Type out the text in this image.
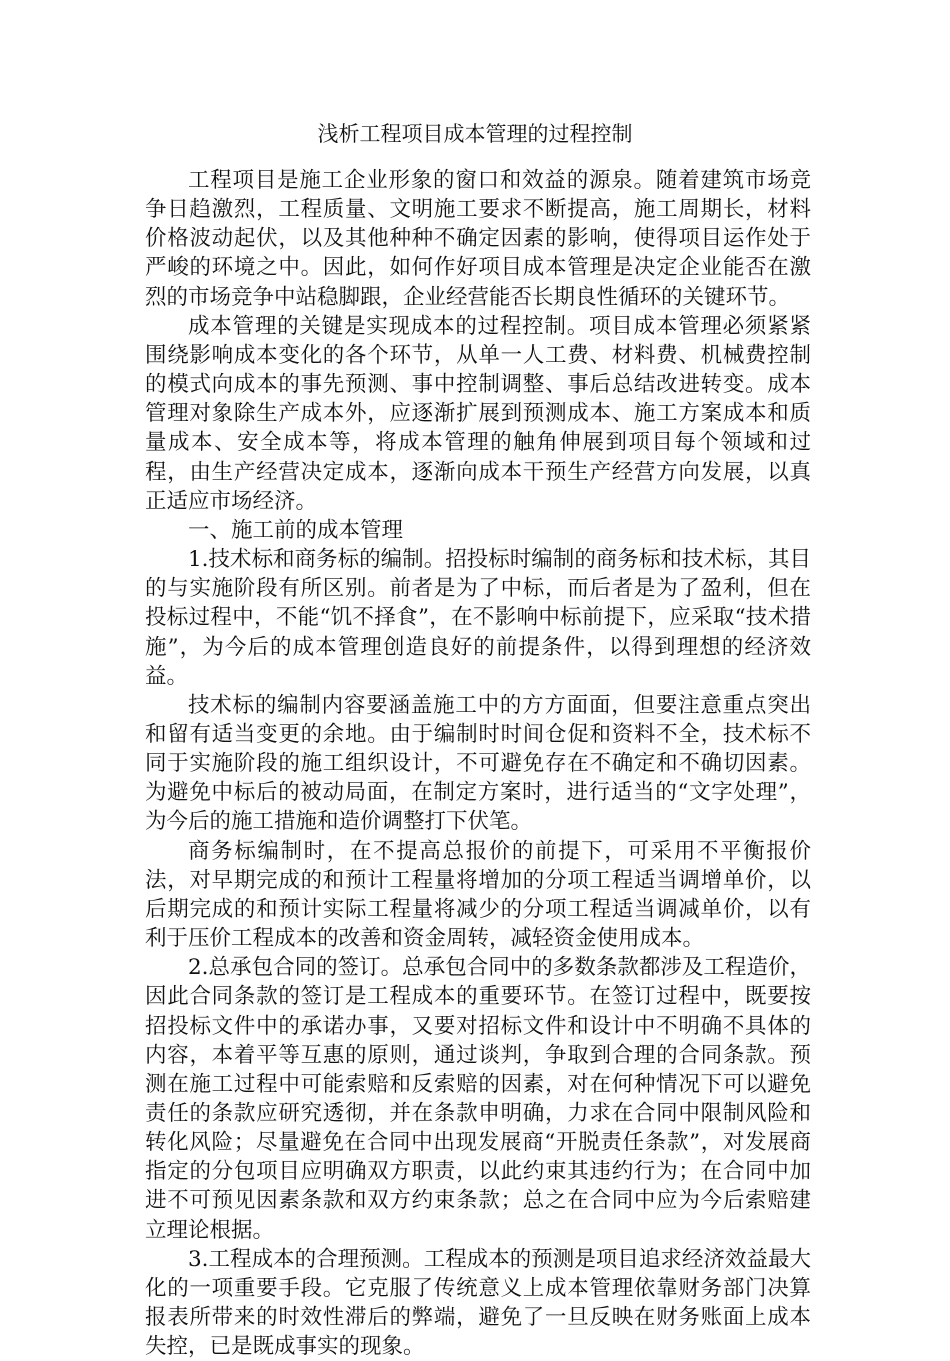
浅析工程项目成本管理的过程控制

工程项目是施工企业形象的窗口和效益的源泉。随着建筑市场竞争日趋激烈，工程质量、文明施工要求不断提高，施工周期长，材料价格波动起伏，以及其他种种不确定因素的影响，使得项目运作处于严峻的环境之中。因此，如何作好项目成本管理是决定企业能否在激烈的市场竞争中站稳脚跟，企业经营能否长期良性循环的关键环节。

成本管理的关键是实现成本的过程控制。项目成本管理必须紧紧围绕影响成本变化的各个环节，从单一人工费、材料费、机械费控制的模式向成本的事先预测、事中控制调整、事后总结改进转变。成本管理对象除生产成本外，应逐渐扩展到预测成本、施工方案成本和质量成本、安全成本等，将成本管理的触角伸展到项目每个领域和过程，由生产经营决定成本，逐渐向成本干预生产经营方向发展，以真正适应市场经济。

一、施工前的成本管理

1.技术标和商务标的编制。招投标时编制的商务标和技术标，其目的与实施阶段有所区别。前者是为了中标，而后者是为了盈利，但在投标过程中，不能“饥不择食”，在不影响中标前提下，应采取“技术措施”，为今后的成本管理创造良好的前提条件，以得到理想的经济效益。

技术标的编制内容要涵盖施工中的方方面面，但要注意重点突出和留有适当变更的余地。由于编制时时间仓促和资料不全，技术标不同于实施阶段的施工组织设计，不可避免存在不确定和不确切因素。为避免中标后的被动局面，在制定方案时，进行适当的“文字处理”，为今后的施工措施和造价调整打下伏笔。

商务标编制时，在不提高总报价的前提下，可采用不平衡报价法，对早期完成的和预计工程量将增加的分项工程适当调增单价，以后期完成的和预计实际工程量将减少的分项工程适当调减单价，以有利于压价工程成本的改善和资金周转，减轻资金使用成本。

2.总承包合同的签订。总承包合同中的多数条款都涉及工程造价，因此合同条款的签订是工程成本的重要环节。在签订过程中，既要按招投标文件中的承诺办事，又要对招标文件和设计中不明确不具体的内容，本着平等互惠的原则，通过谈判，争取到合理的合同条款。预测在施工过程中可能索赔和反索赔的因素，对在何种情况下可以避免责任的条款应研究透彻，并在条款申明确，力求在合同中限制风险和转化风险；尽量避免在合同中出现发展商“开脱责任条款”，对发展商指定的分包项目应明确双方职责，以此约束其违约行为；在合同中加进不可预见因素条款和双方约束条款；总之在合同中应为今后索赔建立理论根据。

3.工程成本的合理预测。工程成本的预测是项目追求经济效益最大化的一项重要手段。它克服了传统意义上成本管理依靠财务部门决算报表所带来的时效性滞后的弊端，避免了一旦反映在财务账面上成本失控，已是既成事实的现象。
